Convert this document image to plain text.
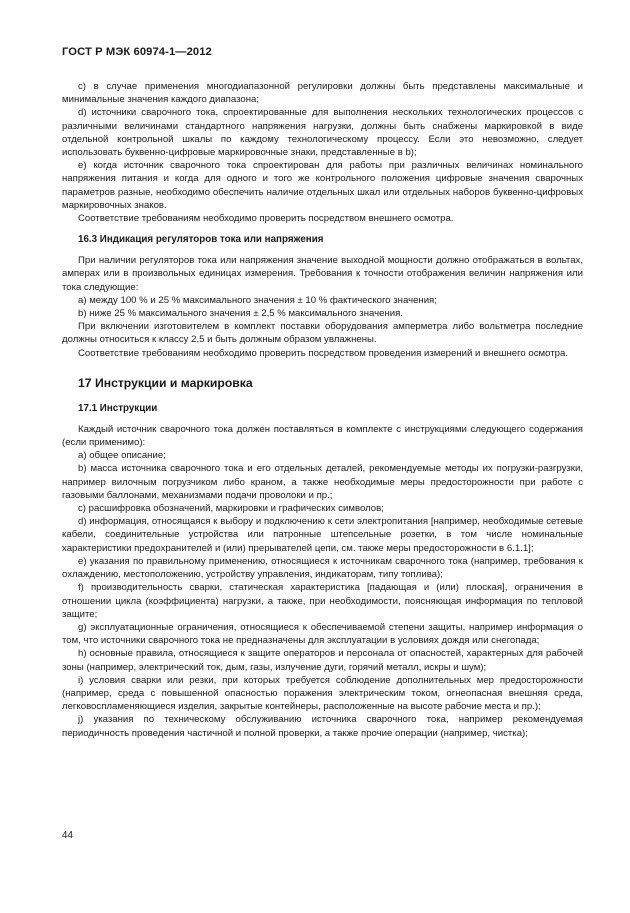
ГОСТ Р МЭК 60974-1—2012

c) в случае применения многодиапазонной регулировки должны быть представлены максимальные и минимальные значения каждого диапазона;

d) источники сварочного тока, спроектированные для выполнения нескольких технологических процессов с различными величинами стандартного напряжения нагрузки, должны быть снабжены маркировкой в виде отдельной контрольной шкалы по каждому технологическому процессу. Если это невозможно, следует использовать буквенно-цифровые маркировочные знаки, представленные в b);

e) когда источник сварочного тока спроектирован для работы при различных величинах номинального напряжения питания и когда для одного и того же контрольного положения цифровые значения сварочных параметров разные, необходимо обеспечить наличие отдельных шкал или отдельных наборов буквенно-цифровых маркировочных знаков.

Соответствие требованиям необходимо проверить посредством внешнего осмотра.

16.3 Индикация регуляторов тока или напряжения

При наличии регуляторов тока или напряжения значение выходной мощности должно отображаться в вольтах, амперах или в произвольных единицах измерения. Требования к точности отображения величин напряжения или тока следующие:

a) между 100 % и 25 % максимального значения ± 10 % фактического значения;

b) ниже 25 % максимального значения ± 2,5 % максимального значения.

При включении изготовителем в комплект поставки оборудования амперметра либо вольтметра последние должны относиться к классу 2,5 и быть должным образом увлажнены.

Соответствие требованиям необходимо проверить посредством проведения измерений и внешнего осмотра.

17 Инструкции и маркировка
17.1 Инструкции

Каждый источник сварочного тока должен поставляться в комплекте с инструкциями следующего содержания (если применимо):

a) общее описание;

b) масса источника сварочного тока и его отдельных деталей, рекомендуемые методы их погрузки-разгрузки, например вилочным погрузчиком либо краном, а также необходимые меры предосторожности при работе с газовыми баллонами, механизмами подачи проволоки и пр.;

c) расшифровка обозначений, маркировки и графических символов;

d) информация, относящаяся к выбору и подключению к сети электропитания [например, необходимые сетевые кабели, соединительные устройства или патронные штепсельные розетки, в том числе номинальные характеристики предохранителей и (или) прерывателей цепи, см. также меры предосторожности в 6.1.1];

e) указания по правильному применению, относящиеся к источникам сварочного тока (например, требования к охлаждению, местоположению, устройству управления, индикаторам, типу топлива);

f) производительность сварки, статическая характеристика [падающая и (или) плоская], ограничения в отношении цикла (коэффициента) нагрузки, а также, при необходимости, поясняющая информация по тепловой защите;

g) эксплуатационные ограничения, относящиеся к обеспечиваемой степени защиты, например информация о том, что источники сварочного тока не предназначены для эксплуатации в условиях дождя или снегопада;

h) основные правила, относящиеся к защите операторов и персонала от опасностей, характерных для рабочей зоны (например, электрический ток, дым, газы, излучение дуги, горячий металл, искры и шум);

i) условия сварки или резки, при которых требуется соблюдение дополнительных мер предосторожности (например, среда с повышенной опасностью поражения электрическим током, огнеопасная внешняя среда, легковоспламеняющиеся изделия, закрытые контейнеры, расположенные на высоте рабочие места и пр.);

j) указания по техническому обслуживанию источника сварочного тока, например рекомендуемая периодичность проведения частичной и полной проверки, а также прочие операции (например, чистка);

44
